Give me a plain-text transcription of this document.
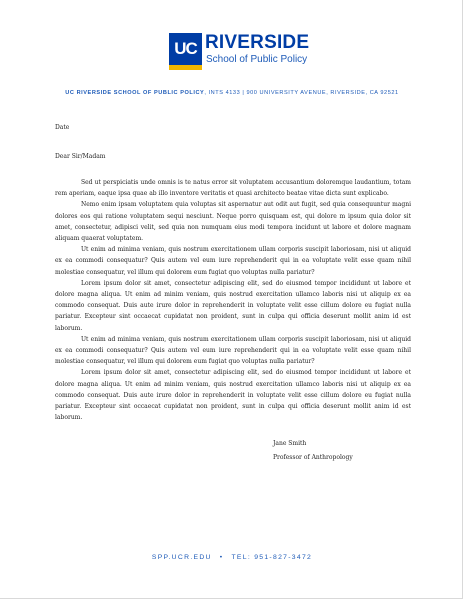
UC RIVERSIDE
School of Public Policy
UC RIVERSIDE SCHOOL OF PUBLIC POLICY, INTS 4133 | 900 UNIVERSITY AVENUE, RIVERSIDE, CA 92521
Date
Dear Sir/Madam

Sed ut perspiciatis unde omnis is te natus error sit voluptatem accusantium doloremque laudantium, totam rem aperiam, eaque ipsa quae ab illo inventore veritatis et quasi architecto beatae vitae dicta sunt explicabo.

Nemo enim ipsam voluptatem quia voluptas sit aspernatur aut odit aut fugit, sed quia consequuntur magni dolores eos qui ratione voluptatem sequi nesciunt. Neque porro quisquam est, qui dolore m ipsum quia dolor sit amet, consectetur, adipisci velit, sed quia non numquam eius modi tempora incidunt ut labore et dolore magnam aliquam quaerat voluptatem.

Ut enim ad minima veniam, quis nostrum exercitationem ullam corporis suscipit laboriosam, nisi ut aliquid ex ea commodi consequatur? Quis autem vel eum iure reprehenderit qui in ea voluptate velit esse quam nihil molestiae consequatur, vel illum qui dolorem eum fugiat quo voluptas nulla pariatur?

Lorem ipsum dolor sit amet, consectetur adipiscing elit, sed do eiusmod tempor incididunt ut labore et dolore magna aliqua. Ut enim ad minim veniam, quis nostrud exercitation ullamco laboris nisi ut aliquip ex ea commodo consequat. Duis aute irure dolor in reprehenderit in voluptate velit esse cillum dolore eu fugiat nulla pariatur. Excepteur sint occaecat cupidatat non proident, sunt in culpa qui officia deserunt mollit anim id est laborum.

Ut enim ad minima veniam, quis nostrum exercitationem ullam corporis suscipit laboriosam, nisi ut aliquid ex ea commodi consequatur? Quis autem vel eum iure reprehenderit qui in ea voluptate velit esse quam nihil molestiae consequatur, vel illum qui dolorem eum fugiat quo voluptas nulla pariatur?

Lorem ipsum dolor sit amet, consectetur adipiscing elit, sed do eiusmod tempor incididunt ut labore et dolore magna aliqua. Ut enim ad minim veniam, quis nostrud exercitation ullamco laboris nisi ut aliquip ex ea commodo consequat. Duis aute irure dolor in reprehenderit in voluptate velit esse cillum dolore eu fugiat nulla pariatur. Excepteur sint occaecat cupidatat non proident, sunt in culpa qui officia deserunt mollit anim id est laborum.

Jane Smith
Professor of Anthropology
SPP.UCR.EDU • TEL: 951-827-3472
